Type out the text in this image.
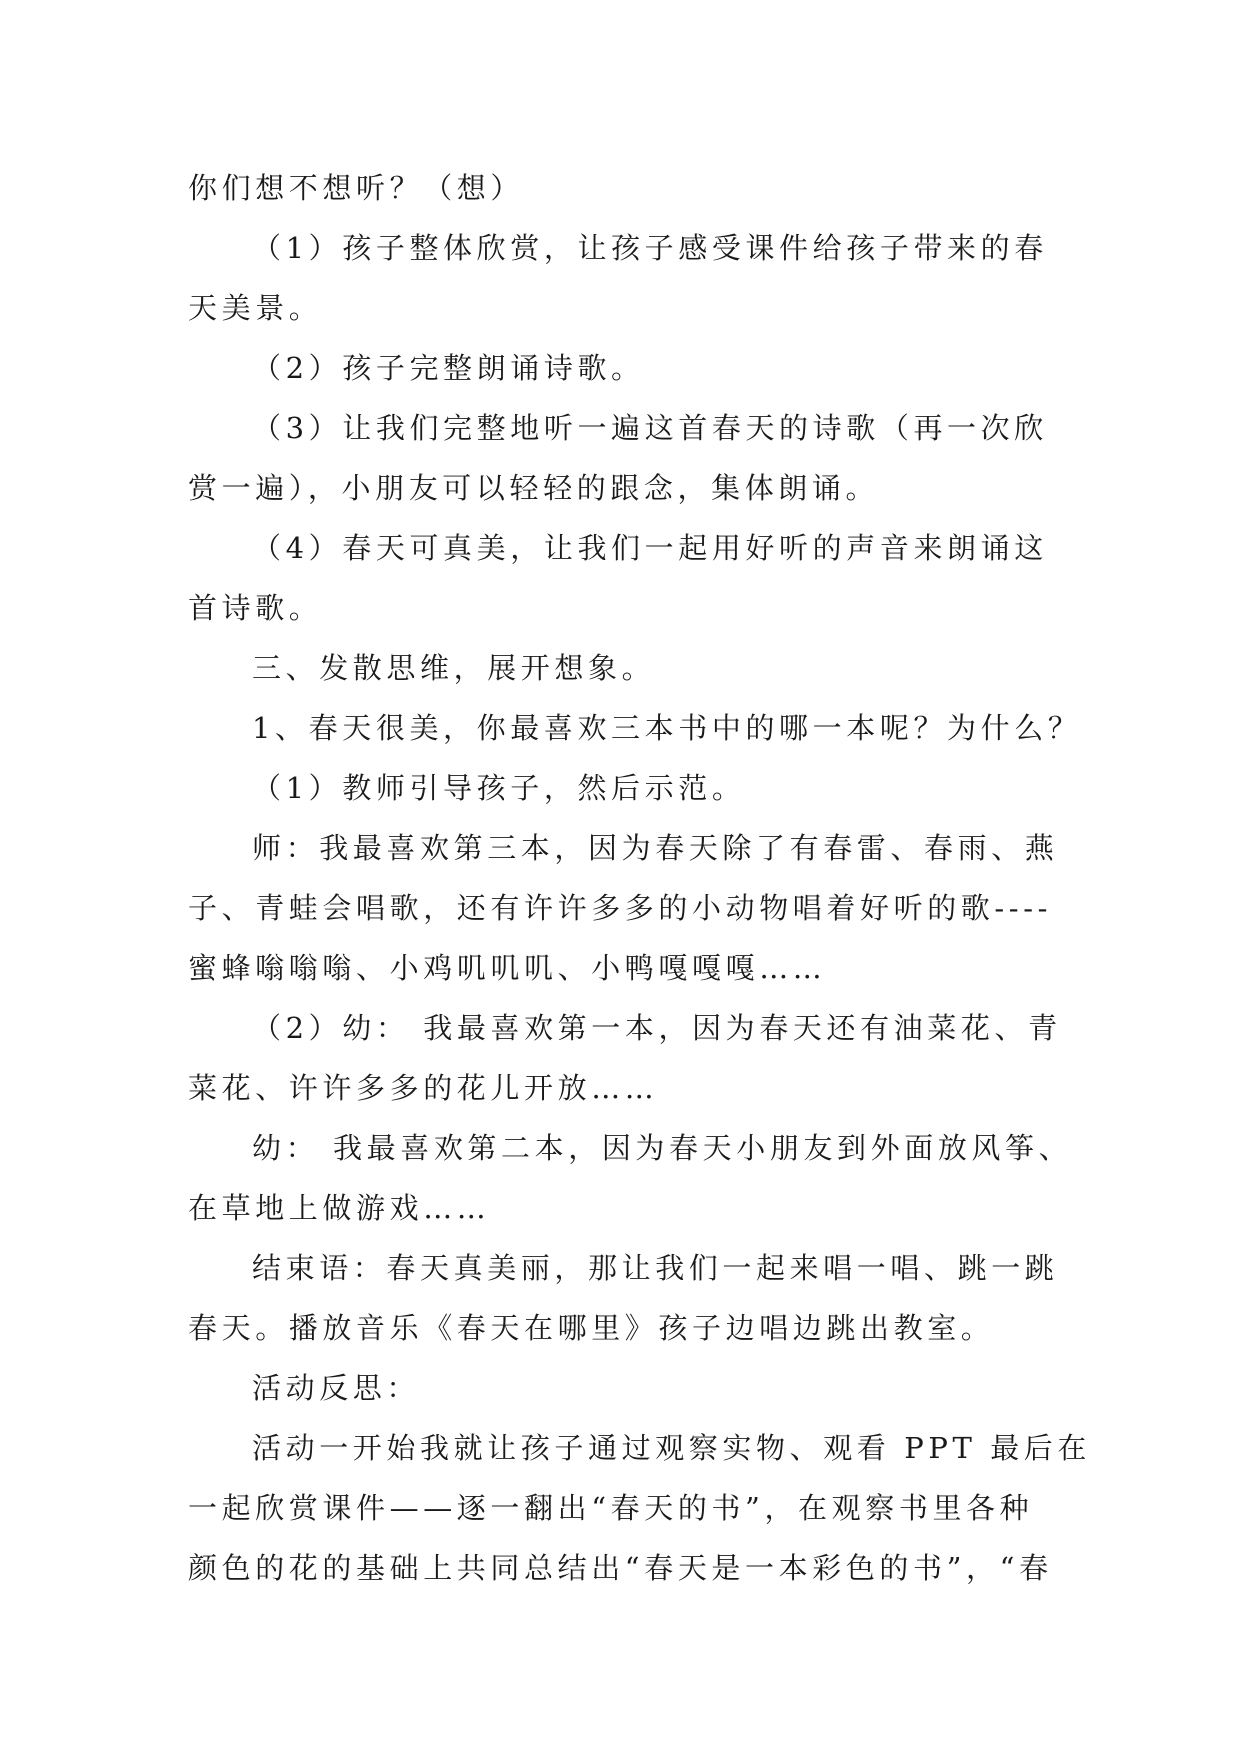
你们想不想听？（想）
（1）孩子整体欣赏，让孩子感受课件给孩子带来的春
天美景。
（2）孩子完整朗诵诗歌。
（3）让我们完整地听一遍这首春天的诗歌（再一次欣
赏一遍），小朋友可以轻轻的跟念，集体朗诵。
（4）春天可真美，让我们一起用好听的声音来朗诵这
首诗歌。
三、发散思维，展开想象。
1、春天很美，你最喜欢三本书中的哪一本呢？为什么？
（1）教师引导孩子，然后示范。
师：我最喜欢第三本，因为春天除了有春雷、春雨、燕
子、青蛙会唱歌，还有许许多多的小动物唱着好听的歌----
蜜蜂嗡嗡嗡、小鸡叽叽叽、小鸭嘎嘎嘎……
（2）幼： 我最喜欢第一本，因为春天还有油菜花、青
菜花、许许多多的花儿开放……
幼： 我最喜欢第二本，因为春天小朋友到外面放风筝、
在草地上做游戏……
结束语：春天真美丽，那让我们一起来唱一唱、跳一跳
春天。播放音乐《春天在哪里》孩子边唱边跳出教室。
活动反思：
活动一开始我就让孩子通过观察实物、观看 PPT 最后在
一起欣赏课件——逐一翻出“春天的书”，在观察书里各种
颜色的花的基础上共同总结出“春天是一本彩色的书”，“春
